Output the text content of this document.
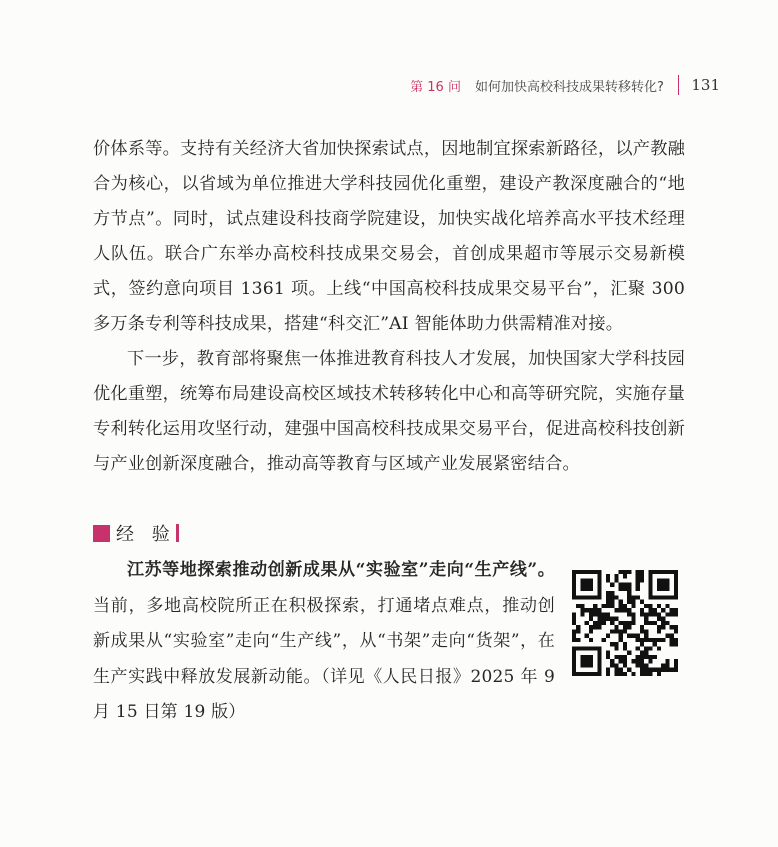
第 16 问 如何加快高校科技成果转移转化? 131

价体系等。支持有关经济大省加快探索试点，因地制宜探索新路径，以产教融合为核心，以省域为单位推进大学科技园优化重塑，建设产教深度融合的“地方节点”。同时，试点建设科技商学院建设，加快实战化培养高水平技术经理人队伍。联合广东举办高校科技成果交易会，首创成果超市等展示交易新模式，签约意向项目 1361 项。上线“中国高校科技成果交易平台”，汇聚 300 多万条专利等科技成果，搭建“科交汇”AI 智能体助力供需精准对接。

下一步，教育部将聚焦一体推进教育科技人才发展，加快国家大学科技园优化重塑，统筹布局建设高校区域技术转移转化中心和高等研究院，实施存量专利转化运用攻坚行动，建强中国高校科技成果交易平台，促进高校科技创新与产业创新深度融合，推动高等教育与区域产业发展紧密结合。

经 验

江苏等地探索推动创新成果从“实验室”走向“生产线”。当前，多地高校院所正在积极探索，打通堵点难点，推动创新成果从“实验室”走向“生产线”，从“书架”走向“货架”，在生产实践中释放发展新动能。（详见《人民日报》2025 年 9 月 15 日第 19 版）
